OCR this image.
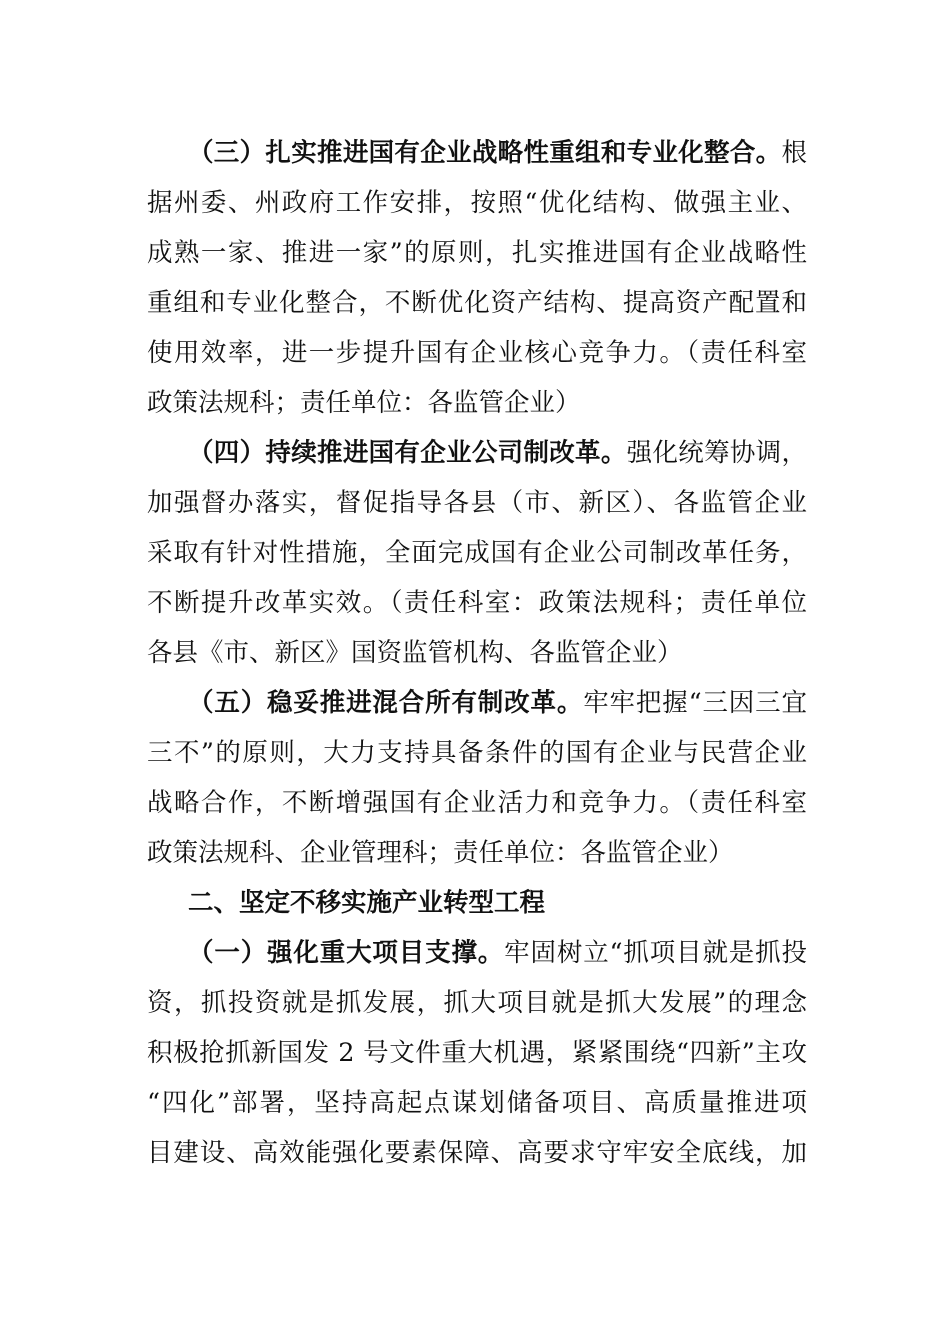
（三）扎实推进国有企业战略性重组和专业化整合。根
据州委、州政府工作安排，按照“优化结构、做强主业、
成熟一家、推进一家”的原则，扎实推进国有企业战略性
重组和专业化整合，不断优化资产结构、提高资产配置和
使用效率，进一步提升国有企业核心竞争力。（责任科室
政策法规科；责任单位：各监管企业）
（四）持续推进国有企业公司制改革。强化统筹协调，
加强督办落实，督促指导各县（市、新区）、各监管企业
采取有针对性措施，全面完成国有企业公司制改革任务，
不断提升改革实效。（责任科室：政策法规科；责任单位
各县《市、新区》国资监管机构、各监管企业）
（五）稳妥推进混合所有制改革。牢牢把握“三因三宜
三不”的原则，大力支持具备条件的国有企业与民营企业
战略合作，不断增强国有企业活力和竞争力。（责任科室
政策法规科、企业管理科；责任单位：各监管企业）
二、坚定不移实施产业转型工程
（一）强化重大项目支撑。牢固树立“抓项目就是抓投
资，抓投资就是抓发展，抓大项目就是抓大发展”的理念
积极抢抓新国发 2 号文件重大机遇，紧紧围绕“四新”主攻
“四化”部署，坚持高起点谋划储备项目、高质量推进项
目建设、高效能强化要素保障、高要求守牢安全底线，加
